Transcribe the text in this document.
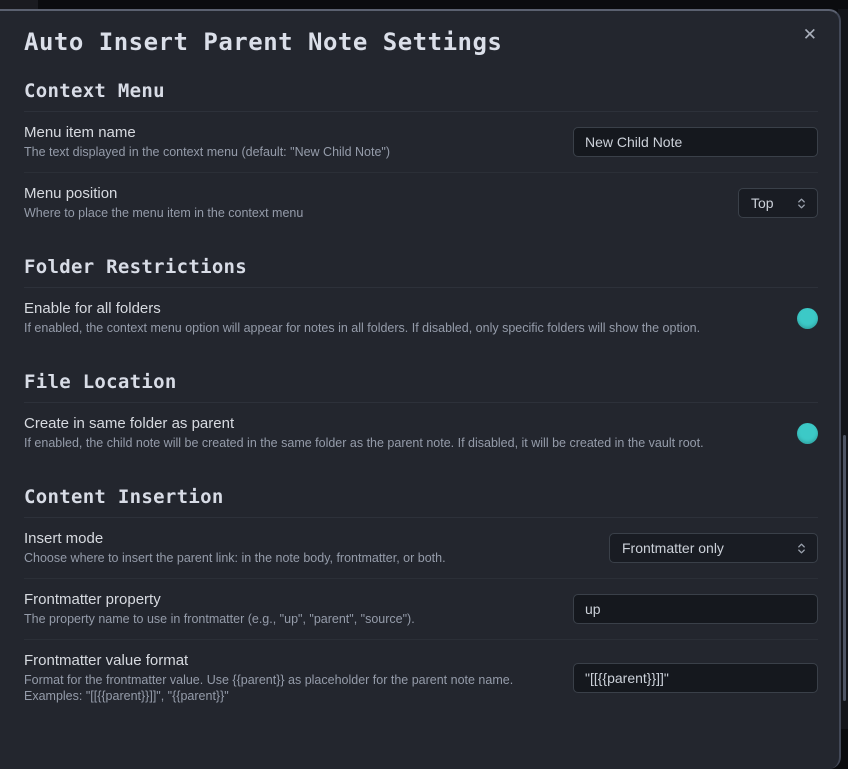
✕
Auto Insert Parent Note Settings
Context Menu
Menu item name
The text displayed in the context menu (default: "New Child Note")
New Child Note
Menu position
Where to place the menu item in the context menu
Top
Folder Restrictions
Enable for all folders
If enabled, the context menu option will appear for notes in all folders. If disabled, only specific folders will show the option.
File Location
Create in same folder as parent
If enabled, the child note will be created in the same folder as the parent note. If disabled, it will be created in the vault root.
Content Insertion
Insert mode
Choose where to insert the parent link: in the note body, frontmatter, or both.
Frontmatter only
Frontmatter property
The property name to use in frontmatter (e.g., "up", "parent", "source").
up
Frontmatter value format
Format for the frontmatter value. Use {{parent}} as placeholder for the parent note name. Examples: "[[{{parent}}]]", "{{parent}}"
"[[{{parent}}]]"
